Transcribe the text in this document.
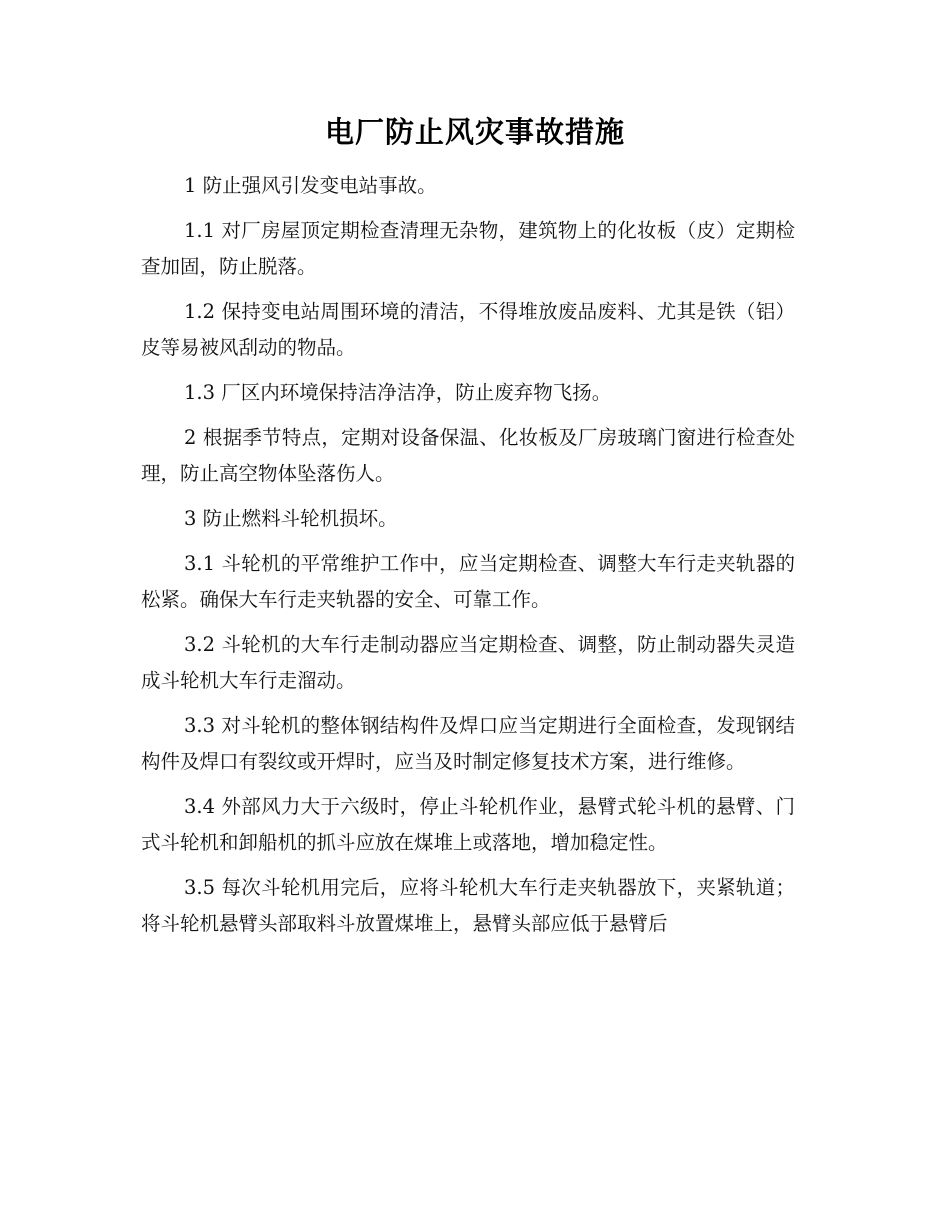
电厂防止风灾事故措施

1 防止强风引发变电站事故。

1.1 对厂房屋顶定期检查清理无杂物，建筑物上的化妆板（皮）定期检查加固，防止脱落。

1.2 保持变电站周围环境的清洁，不得堆放废品废料、尤其是铁（铝）皮等易被风刮动的物品。

1.3 厂区内环境保持洁净洁净，防止废弃物飞扬。

2 根据季节特点，定期对设备保温、化妆板及厂房玻璃门窗进行检查处理，防止高空物体坠落伤人。

3 防止燃料斗轮机损坏。

3.1 斗轮机的平常维护工作中，应当定期检查、调整大车行走夹轨器的松紧。确保大车行走夹轨器的安全、可靠工作。

3.2 斗轮机的大车行走制动器应当定期检查、调整，防止制动器失灵造成斗轮机大车行走溜动。

3.3 对斗轮机的整体钢结构件及焊口应当定期进行全面检查，发现钢结构件及焊口有裂纹或开焊时，应当及时制定修复技术方案，进行维修。

3.4 外部风力大于六级时，停止斗轮机作业，悬臂式轮斗机的悬臂、门式斗轮机和卸船机的抓斗应放在煤堆上或落地，增加稳定性。

3.5 每次斗轮机用完后，应将斗轮机大车行走夹轨器放下，夹紧轨道；将斗轮机悬臂头部取料斗放置煤堆上，悬臂头部应低于悬臂后
